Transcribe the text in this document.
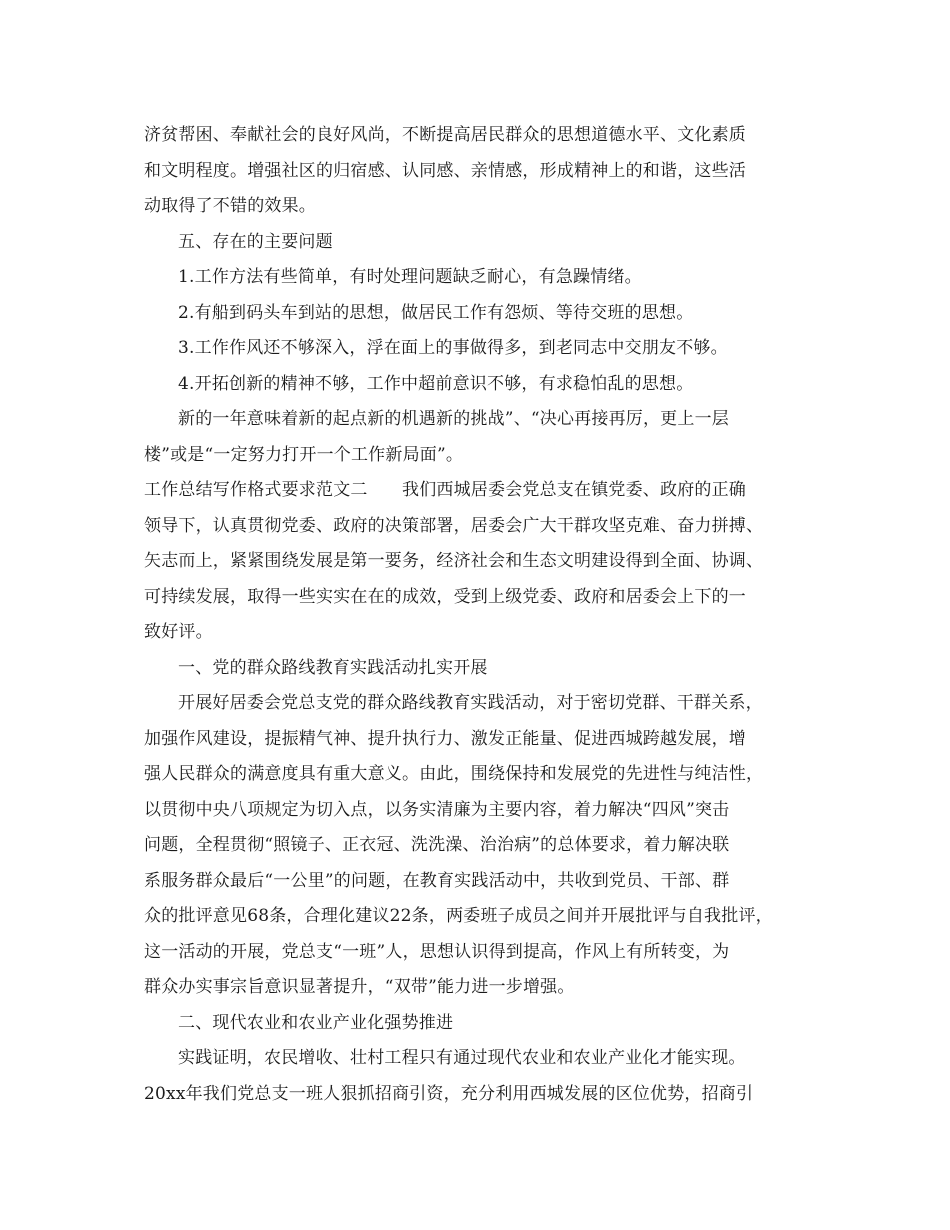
济贫帮困、奉献社会的良好风尚，不断提高居民群众的思想道德水平、文化素质
和文明程度。增强社区的归宿感、认同感、亲情感，形成精神上的和谐，这些活
动取得了不错的效果。
五、存在的主要问题
1.工作方法有些简单，有时处理问题缺乏耐心，有急躁情绪。
2.有船到码头车到站的思想，做居民工作有怨烦、等待交班的思想。
3.工作作风还不够深入，浮在面上的事做得多，到老同志中交朋友不够。
4.开拓创新的精神不够，工作中超前意识不够，有求稳怕乱的思想。
新的一年意味着新的起点新的机遇新的挑战”、“决心再接再厉，更上一层
楼”或是“一定努力打开一个工作新局面”。
工作总结写作格式要求范文二　　我们西城居委会党总支在镇党委、政府的正确
领导下，认真贯彻党委、政府的决策部署，居委会广大干群攻坚克难、奋力拼搏、
矢志而上，紧紧围绕发展是第一要务，经济社会和生态文明建设得到全面、协调、
可持续发展，取得一些实实在在的成效，受到上级党委、政府和居委会上下的一
致好评。
一、党的群众路线教育实践活动扎实开展
开展好居委会党总支党的群众路线教育实践活动，对于密切党群、干群关系，
加强作风建设，提振精气神、提升执行力、激发正能量、促进西城跨越发展，增
强人民群众的满意度具有重大意义。由此，围绕保持和发展党的先进性与纯洁性，
以贯彻中央八项规定为切入点，以务实清廉为主要内容，着力解决“四风”突击
问题，全程贯彻“照镜子、正衣冠、洗洗澡、治治病”的总体要求，着力解决联
系服务群众最后“一公里”的问题，在教育实践活动中，共收到党员、干部、群
众的批评意见68条，合理化建议22条，两委班子成员之间并开展批评与自我批评，
这一活动的开展，党总支“一班”人，思想认识得到提高，作风上有所转变，为
群众办实事宗旨意识显著提升，“双带”能力进一步增强。
二、现代农业和农业产业化强势推进
实践证明，农民增收、壮村工程只有通过现代农业和农业产业化才能实现。
20xx年我们党总支一班人狠抓招商引资，充分利用西城发展的区位优势，招商引
